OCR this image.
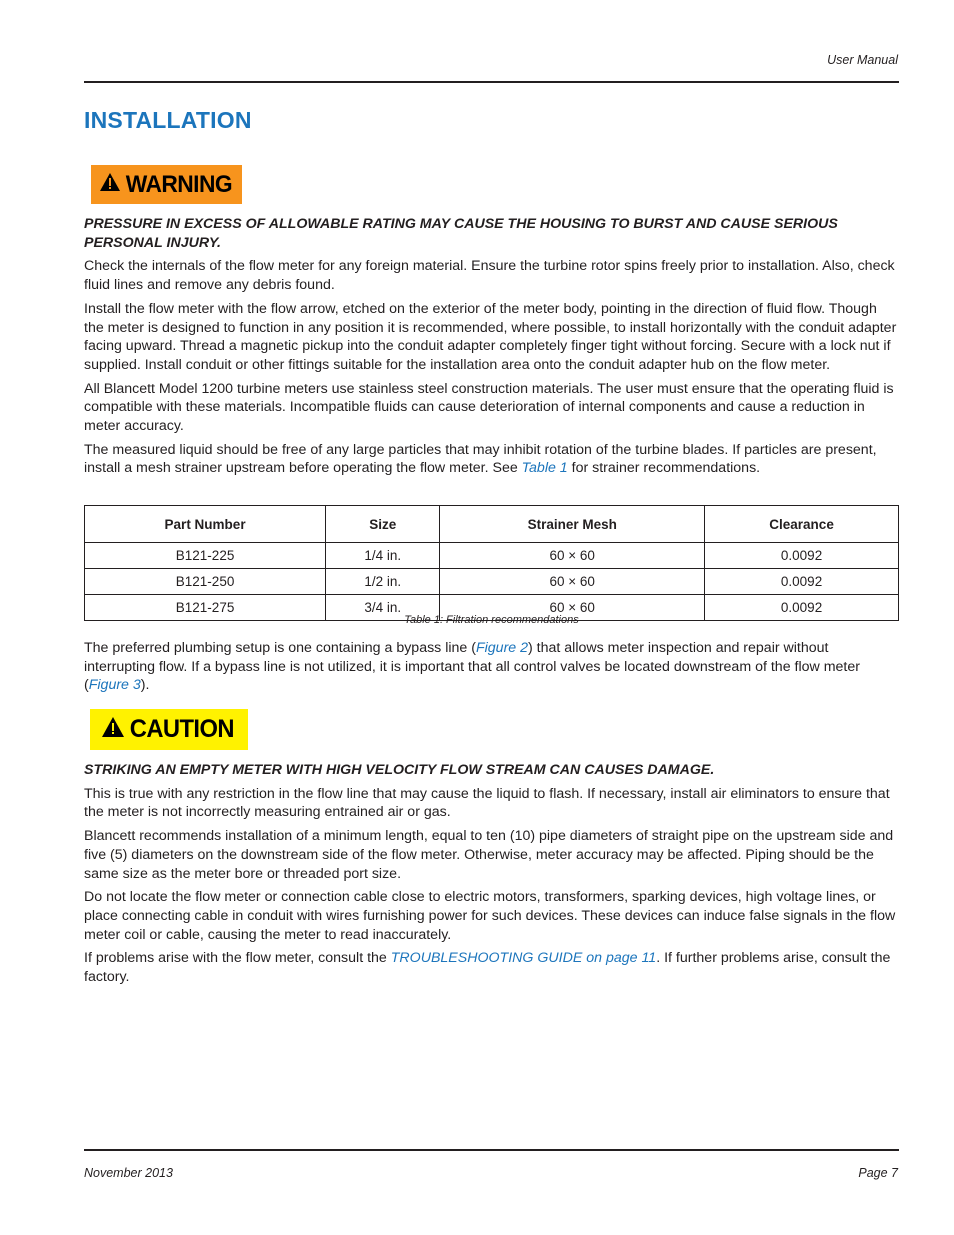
User Manual
INSTALLATION
WARNING

PRESSURE IN EXCESS OF ALLOWABLE RATING MAY CAUSE THE HOUSING TO BURST AND CAUSE SERIOUS PERSONAL INJURY.

Check the internals of the flow meter for any foreign material. Ensure the turbine rotor spins freely prior to installation. Also, check fluid lines and remove any debris found.

Install the flow meter with the flow arrow, etched on the exterior of the meter body, pointing in the direction of fluid flow. Though the meter is designed to function in any position it is recommended, where possible, to install horizontally with the conduit adapter facing upward. Thread a magnetic pickup into the conduit adapter completely finger tight without forcing. Secure with a lock nut if supplied. Install conduit or other fittings suitable for the installation area onto the conduit adapter hub on the flow meter.

All Blancett Model 1200 turbine meters use stainless steel construction materials. The user must ensure that the operating fluid is compatible with these materials. Incompatible fluids can cause deterioration of internal components and cause a reduction in meter accuracy.

The measured liquid should be free of any large particles that may inhibit rotation of the turbine blades. If particles are present, install a mesh strainer upstream before operating the flow meter. See Table 1 for strainer recommendations.

Part Number	Size	Strainer Mesh	Clearance
B121-225	1/4 in.	60 × 60	0.0092
B121-250	1/2 in.	60 × 60	0.0092
B121-275	3/4 in.	60 × 60	0.0092
Table 1: Filtration recommendations

The preferred plumbing setup is one containing a bypass line (Figure 2) that allows meter inspection and repair without interrupting flow. If a bypass line is not utilized, it is important that all control valves be located downstream of the flow meter (Figure 3).

CAUTION

STRIKING AN EMPTY METER WITH HIGH VELOCITY FLOW STREAM CAN CAUSES DAMAGE.

This is true with any restriction in the flow line that may cause the liquid to flash. If necessary, install air eliminators to ensure that the meter is not incorrectly measuring entrained air or gas.

Blancett recommends installation of a minimum length, equal to ten (10) pipe diameters of straight pipe on the upstream side and five (5) diameters on the downstream side of the flow meter. Otherwise, meter accuracy may be affected. Piping should be the same size as the meter bore or threaded port size.

Do not locate the flow meter or connection cable close to electric motors, transformers, sparking devices, high voltage lines, or place connecting cable in conduit with wires furnishing power for such devices. These devices can induce false signals in the flow meter coil or cable, causing the meter to read inaccurately.

If problems arise with the flow meter, consult the TROUBLESHOOTING GUIDE on page 11. If further problems arise, consult the factory.

November 2013	Page 7
